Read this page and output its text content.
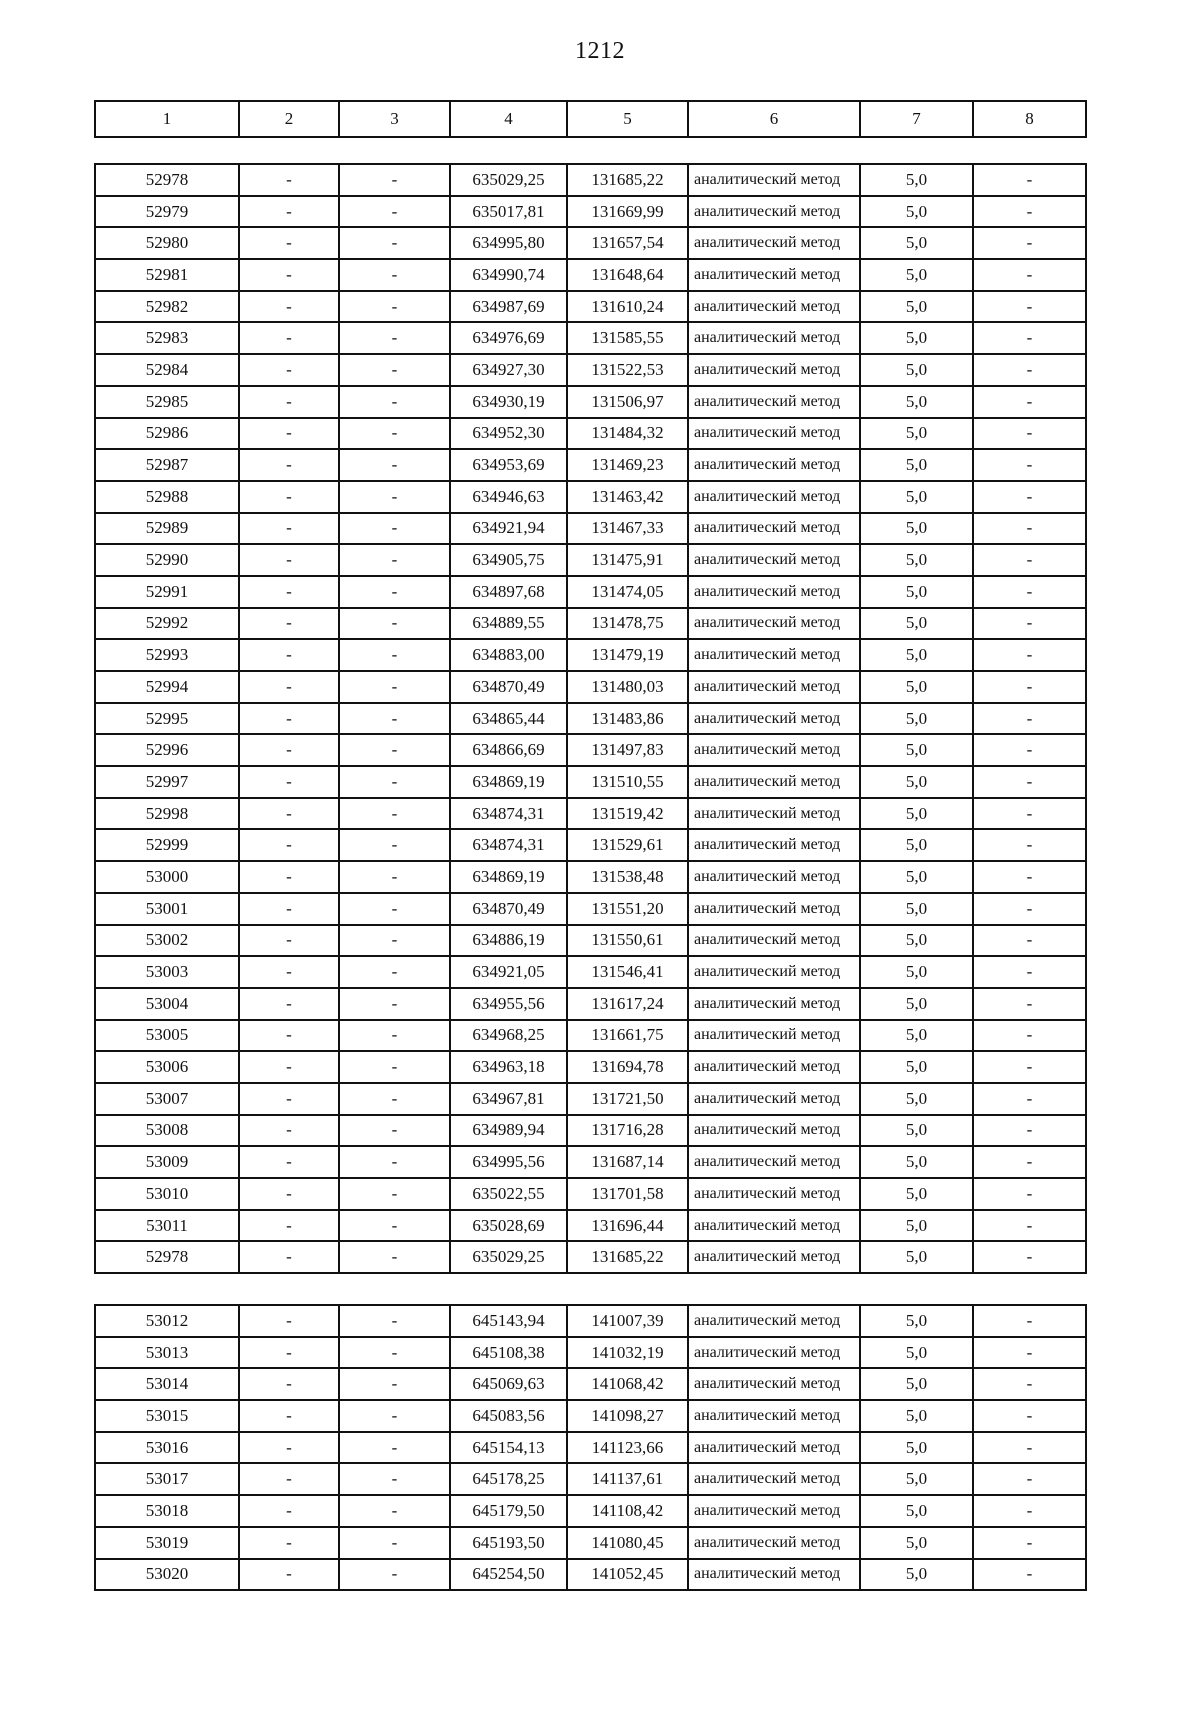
1212
1	2	3	4	5	6	7	8
52978	-	-	635029,25	131685,22	аналитический метод	5,0	-
52979	-	-	635017,81	131669,99	аналитический метод	5,0	-
52980	-	-	634995,80	131657,54	аналитический метод	5,0	-
52981	-	-	634990,74	131648,64	аналитический метод	5,0	-
52982	-	-	634987,69	131610,24	аналитический метод	5,0	-
52983	-	-	634976,69	131585,55	аналитический метод	5,0	-
52984	-	-	634927,30	131522,53	аналитический метод	5,0	-
52985	-	-	634930,19	131506,97	аналитический метод	5,0	-
52986	-	-	634952,30	131484,32	аналитический метод	5,0	-
52987	-	-	634953,69	131469,23	аналитический метод	5,0	-
52988	-	-	634946,63	131463,42	аналитический метод	5,0	-
52989	-	-	634921,94	131467,33	аналитический метод	5,0	-
52990	-	-	634905,75	131475,91	аналитический метод	5,0	-
52991	-	-	634897,68	131474,05	аналитический метод	5,0	-
52992	-	-	634889,55	131478,75	аналитический метод	5,0	-
52993	-	-	634883,00	131479,19	аналитический метод	5,0	-
52994	-	-	634870,49	131480,03	аналитический метод	5,0	-
52995	-	-	634865,44	131483,86	аналитический метод	5,0	-
52996	-	-	634866,69	131497,83	аналитический метод	5,0	-
52997	-	-	634869,19	131510,55	аналитический метод	5,0	-
52998	-	-	634874,31	131519,42	аналитический метод	5,0	-
52999	-	-	634874,31	131529,61	аналитический метод	5,0	-
53000	-	-	634869,19	131538,48	аналитический метод	5,0	-
53001	-	-	634870,49	131551,20	аналитический метод	5,0	-
53002	-	-	634886,19	131550,61	аналитический метод	5,0	-
53003	-	-	634921,05	131546,41	аналитический метод	5,0	-
53004	-	-	634955,56	131617,24	аналитический метод	5,0	-
53005	-	-	634968,25	131661,75	аналитический метод	5,0	-
53006	-	-	634963,18	131694,78	аналитический метод	5,0	-
53007	-	-	634967,81	131721,50	аналитический метод	5,0	-
53008	-	-	634989,94	131716,28	аналитический метод	5,0	-
53009	-	-	634995,56	131687,14	аналитический метод	5,0	-
53010	-	-	635022,55	131701,58	аналитический метод	5,0	-
53011	-	-	635028,69	131696,44	аналитический метод	5,0	-
52978	-	-	635029,25	131685,22	аналитический метод	5,0	-
53012	-	-	645143,94	141007,39	аналитический метод	5,0	-
53013	-	-	645108,38	141032,19	аналитический метод	5,0	-
53014	-	-	645069,63	141068,42	аналитический метод	5,0	-
53015	-	-	645083,56	141098,27	аналитический метод	5,0	-
53016	-	-	645154,13	141123,66	аналитический метод	5,0	-
53017	-	-	645178,25	141137,61	аналитический метод	5,0	-
53018	-	-	645179,50	141108,42	аналитический метод	5,0	-
53019	-	-	645193,50	141080,45	аналитический метод	5,0	-
53020	-	-	645254,50	141052,45	аналитический метод	5,0	-
